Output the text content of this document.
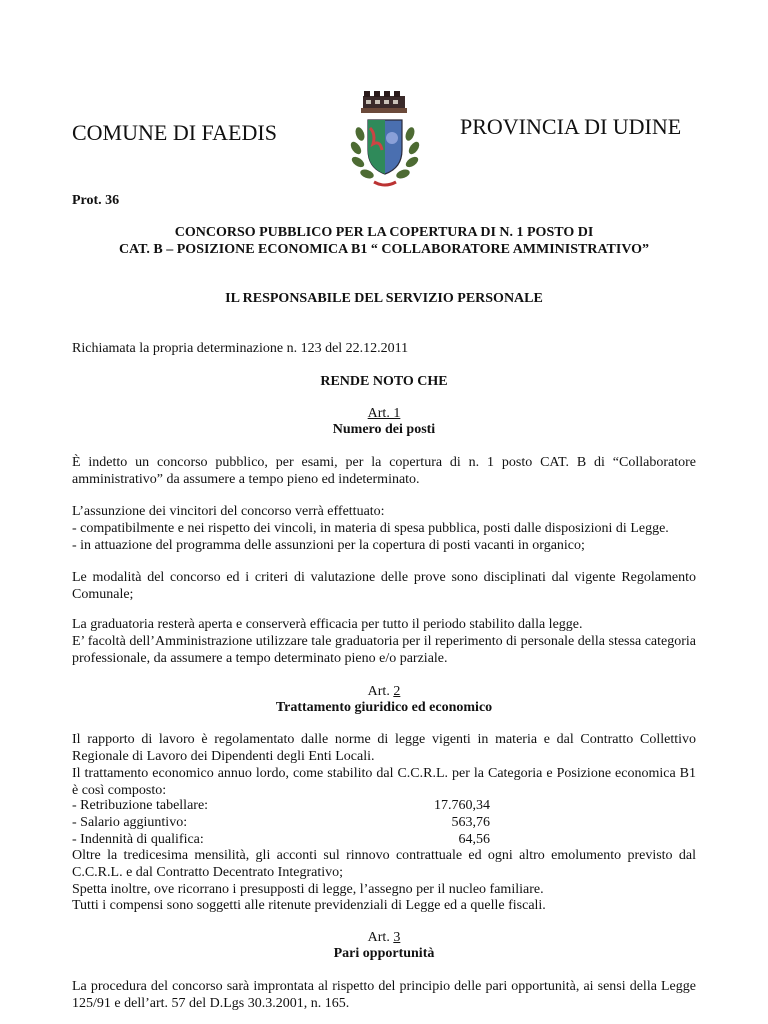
COMUNE DI FAEDIS	PROVINCIA DI UDINE
Prot. 36
CONCORSO PUBBLICO PER LA COPERTURA DI N. 1 POSTO DI
CAT. B – POSIZIONE ECONOMICA B1 “ COLLABORATORE AMMINISTRATIVO”
IL RESPONSABILE DEL SERVIZIO PERSONALE
Richiamata la propria determinazione n. 123 del 22.12.2011
RENDE NOTO CHE
Art. 1
Numero dei posti
È indetto un concorso pubblico, per esami, per la copertura di n. 1 posto CAT. B di “Collaboratore amministrativo” da assumere a tempo pieno ed indeterminato.

L’assunzione dei vincitori del concorso verrà effettuato:

- compatibilmente e nei rispetto dei vincoli, in materia di spesa pubblica, posti dalle disposizioni di Legge.

- in attuazione del programma delle assunzioni per la copertura di posti vacanti in organico;

Le modalità del concorso ed i criteri di valutazione delle prove sono disciplinati dal vigente Regolamento Comunale;

La graduatoria resterà aperta e conserverà efficacia per tutto il periodo stabilito dalla legge.

E’ facoltà dell’Amministrazione utilizzare tale graduatoria per il reperimento di personale della stessa categoria professionale, da assumere a tempo determinato pieno e/o parziale.

Art. 2
Trattamento giuridico ed economico
Il rapporto di lavoro è regolamentato dalle norme di legge vigenti in materia e dal Contratto Collettivo Regionale di Lavoro dei Dipendenti degli Enti Locali.
Il trattamento economico annuo lordo, come stabilito dal C.C.R.L. per la Categoria e Posizione economica B1 è così composto:
- Retribuzione tabellare:	17.760,34
- Salario aggiuntivo:	563,76
- Indennità di qualifica:	64,56
Oltre la tredicesima mensilità, gli acconti sul rinnovo contrattuale ed ogni altro emolumento previsto dal C.C.R.L. e dal Contratto Decentrato Integrativo;
Spetta inoltre, ove ricorrano i presupposti di legge, l’assegno per il nucleo familiare.
Tutti i compensi sono soggetti alle ritenute previdenziali di Legge ed a quelle fiscali.
Art. 3
Pari opportunità
La procedura del concorso sarà improntata al rispetto del principio delle pari opportunità, ai sensi della Legge 125/91 e dell’art. 57 del D.Lgs 30.3.2001, n. 165.
